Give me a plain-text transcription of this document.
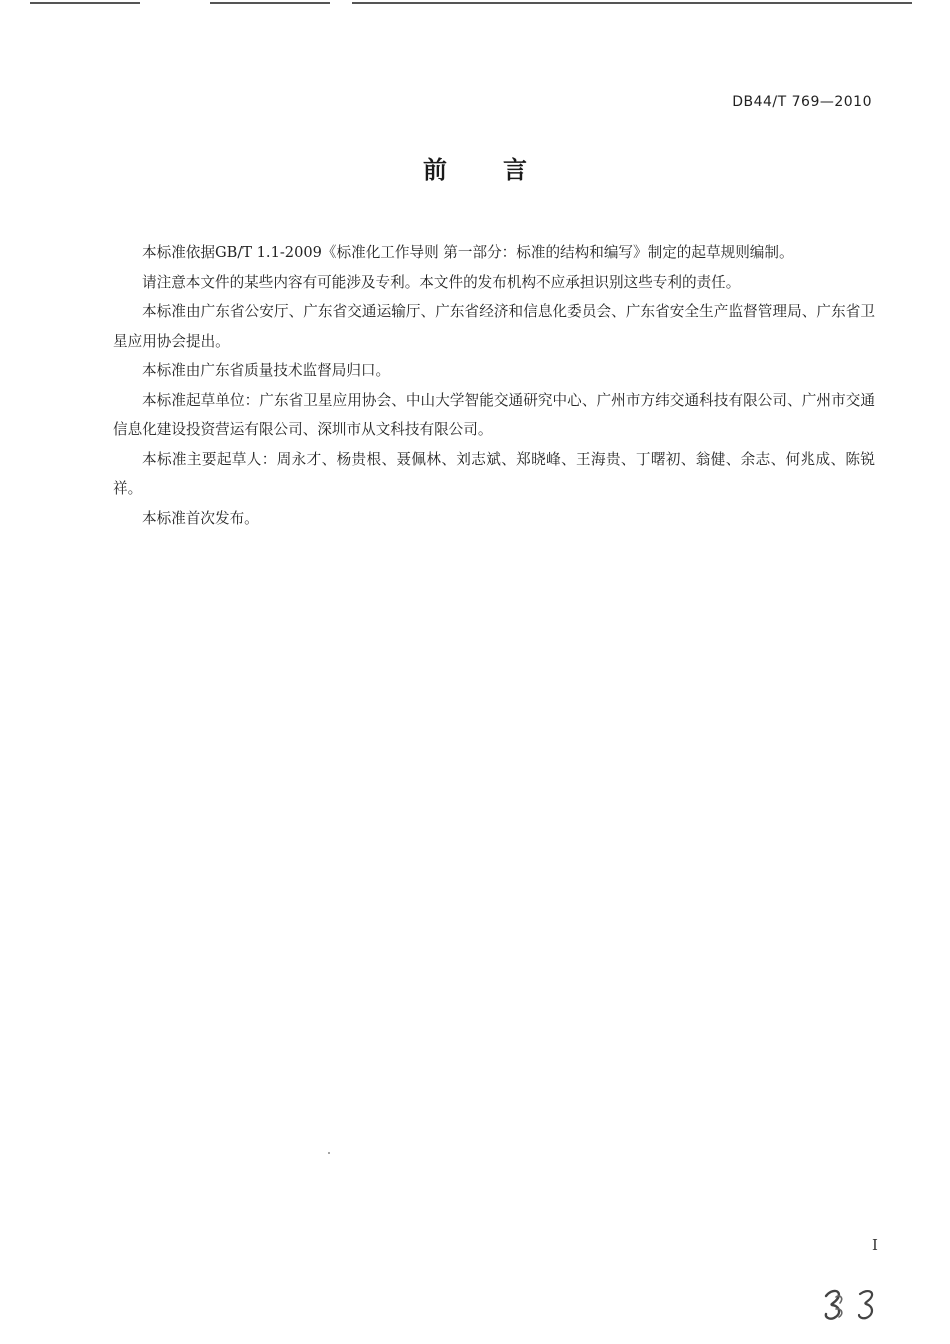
DB44/T 769—2010
前言

本标准依据GB/T 1.1-2009《标准化工作导则 第一部分：标准的结构和编写》制定的起草规则编制。

请注意本文件的某些内容有可能涉及专利。本文件的发布机构不应承担识别这些专利的责任。

本标准由广东省公安厅、广东省交通运输厅、广东省经济和信息化委员会、广东省安全生产监督管理局、广东省卫星应用协会提出。

本标准由广东省质量技术监督局归口。

本标准起草单位：广东省卫星应用协会、中山大学智能交通研究中心、广州市方纬交通科技有限公司、广州市交通信息化建设投资营运有限公司、深圳市从文科技有限公司。

本标准主要起草人：周永才、杨贵根、聂佩林、刘志斌、郑晓峰、王海贵、丁曙初、翁健、余志、何兆成、陈锐祥。

本标准首次发布。

I
